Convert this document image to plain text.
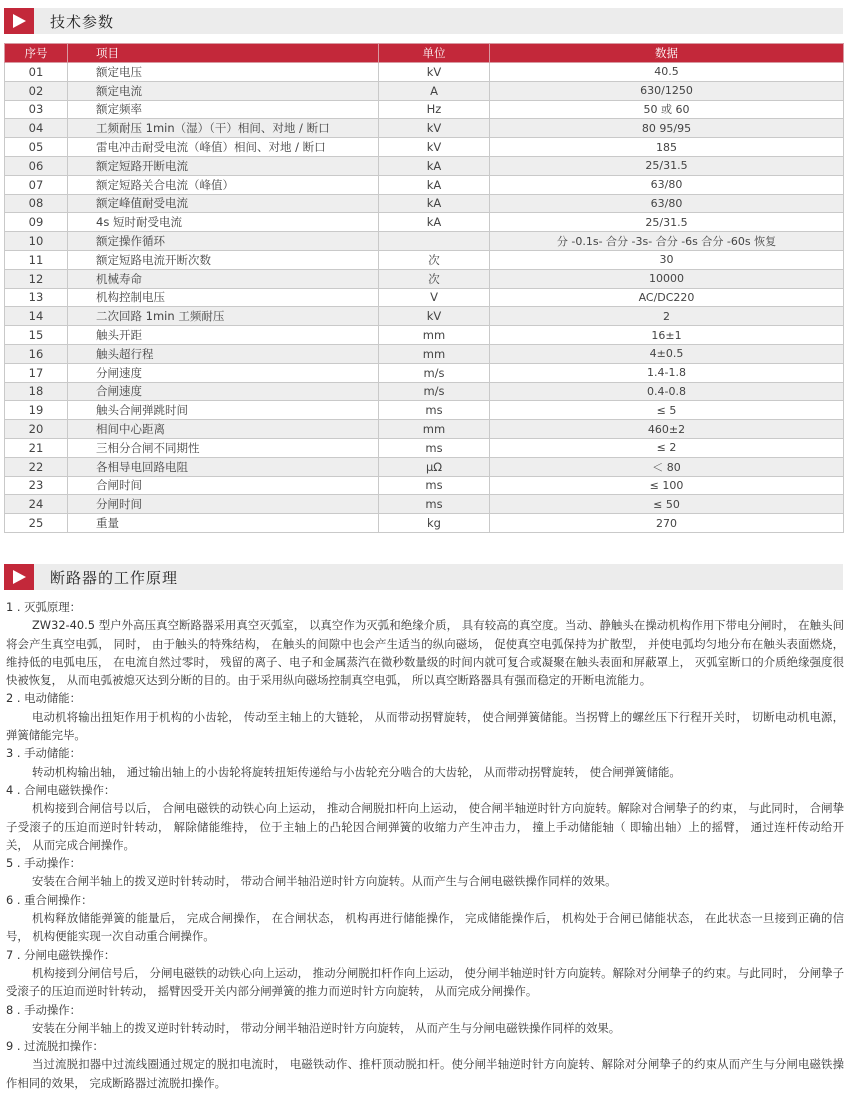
技术参数
序号	项目	单位	数据
01	额定电压	kV	40.5
02	额定电流	A	630/1250
03	额定频率	Hz	50 或 60
04	工频耐压 1min（湿）（干）相间、对地 / 断口	kV	80 95/95
05	雷电冲击耐受电流（峰值）相间、对地 / 断口	kV	185
06	额定短路开断电流	kA	25/31.5
07	额定短路关合电流（峰值）	kA	63/80
08	额定峰值耐受电流	kA	63/80
09	4s 短时耐受电流	kA	25/31.5
10	额定操作循环		分 -0.1s- 合分 -3s- 合分 -6s 合分 -60s 恢复
11	额定短路电流开断次数	次	30
12	机械寿命	次	10000
13	机构控制电压	V	AC/DC220
14	二次回路 1min 工频耐压	kV	2
15	触头开距	mm	16±1
16	触头超行程	mm	4±0.5
17	分闸速度	m/s	1.4-1.8
18	合闸速度	m/s	0.4-0.8
19	触头合闸弹跳时间	ms	≤ 5
20	相间中心距离	mm	460±2
21	三相分合闸不同期性	ms	≤ 2
22	各相导电回路电阻	μΩ	＜ 80
23	合闸时间	ms	≤ 100
24	分闸时间	ms	≤ 50
25	重量	kg	270
断路器的工作原理
1 . 灭弧原理：
ZW32-40.5 型户外高压真空断路器采用真空灭弧室， 以真空作为灭弧和绝缘介质， 具有较高的真空度。当动、静触头在操动机构作用下带电分闸时， 在触头间将会产生真空电弧， 同时， 由于触头的特殊结构， 在触头的间隙中也会产生适当的纵向磁场， 促使真空电弧保持为扩散型， 并使电弧均匀地分布在触头表面燃烧， 维持低的电弧电压， 在电流自然过零时， 残留的离子、电子和金属蒸汽在微秒数量级的时间内就可复合或凝聚在触头表面和屏蔽罩上， 灭弧室断口的介质绝缘强度很快被恢复， 从而电弧被熄灭达到分断的目的。由于采用纵向磁场控制真空电弧， 所以真空断路器具有强而稳定的开断电流能力。
2 . 电动储能：
电动机将输出扭矩作用于机构的小齿轮， 传动至主轴上的大链轮， 从而带动拐臂旋转， 使合闸弹簧储能。当拐臂上的螺丝压下行程开关时， 切断电动机电源， 弹簧储能完毕。
3 . 手动储能：
转动机构输出轴， 通过输出轴上的小齿轮将旋转扭矩传递给与小齿轮充分啮合的大齿轮， 从而带动拐臂旋转， 使合闸弹簧储能。
4 . 合闸电磁铁操作：
机构接到合闸信号以后， 合闸电磁铁的动铁心向上运动， 推动合闸脱扣杆向上运动， 使合闸半轴逆时针方向旋转。解除对合闸挚子的约束， 与此同时， 合闸挚子受滚子的压迫而逆时针转动， 解除储能维持， 位于主轴上的凸轮因合闸弹簧的收缩力产生冲击力， 撞上手动储能轴（ 即输出轴）上的摇臂， 通过连杆传动给开关， 从而完成合闸操作。
5 . 手动操作：
安装在合闸半轴上的拨叉逆时针转动时， 带动合闸半轴沿逆时针方向旋转。从而产生与合闸电磁铁操作同样的效果。
6 . 重合闸操作：
机构释放储能弹簧的能量后， 完成合闸操作， 在合闸状态， 机构再进行储能操作， 完成储能操作后， 机构处于合闸已储能状态， 在此状态一旦接到正确的信号， 机构便能实现一次自动重合闸操作。
7 . 分闸电磁铁操作：
机构接到分闸信号后， 分闸电磁铁的动铁心向上运动， 推动分闸脱扣杆作向上运动， 使分闸半轴逆时针方向旋转。解除对分闸挚子的约束。与此同时， 分闸挚子受滚子的压迫而逆时针转动， 摇臂因受开关内部分闸弹簧的推力而逆时针方向旋转， 从而完成分闸操作。
8 . 手动操作：
安装在分闸半轴上的拨叉逆时针转动时， 带动分闸半轴沿逆时针方向旋转， 从而产生与分闸电磁铁操作同样的效果。
9 . 过流脱扣操作：
当过流脱扣器中过流线圈通过规定的脱扣电流时， 电磁铁动作、推杆顶动脱扣杆。使分闸半轴逆时针方向旋转、解除对分闸挚子的约束从而产生与分闸电磁铁操作相同的效果， 完成断路器过流脱扣操作。
